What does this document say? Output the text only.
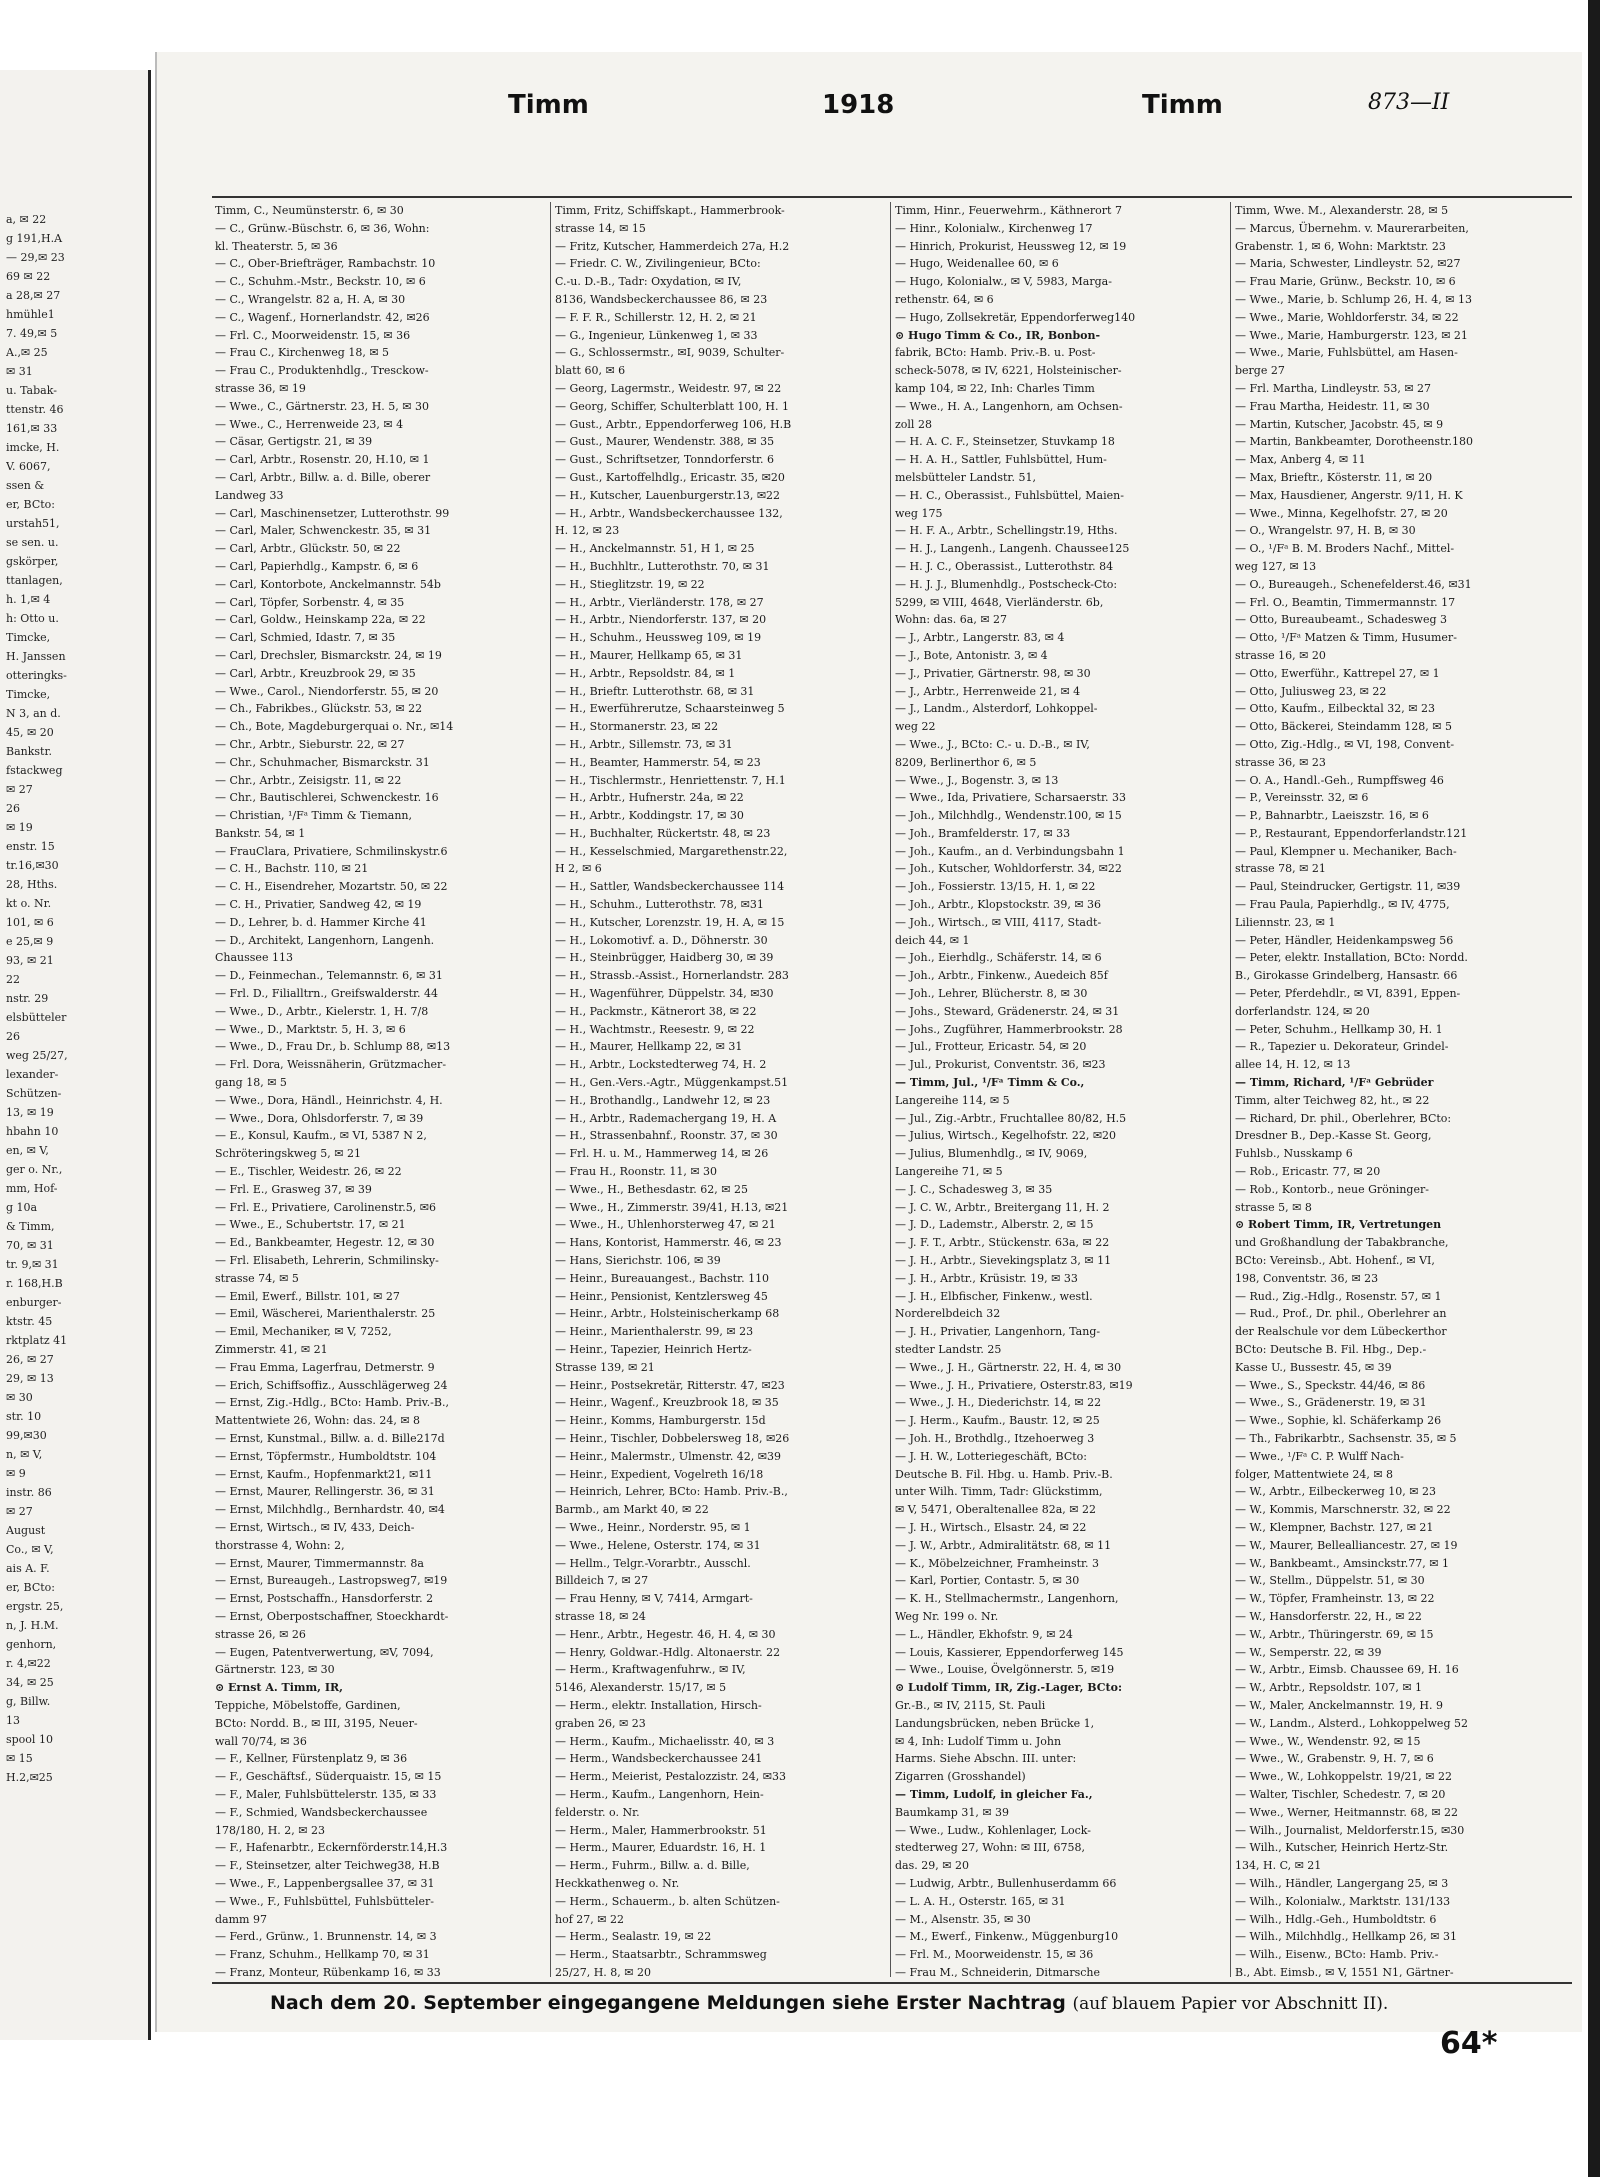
a, ✉ 22
g 191,H.A
— 29,✉ 23
69 ✉ 22
a 28,✉ 27
hmühle1
7. 49,✉ 5
A.,✉ 25
✉ 31
u. Tabak-
ttenstr. 46
161,✉ 33
imcke, H.
V. 6067,
ssen &
er, BCto:
urstah51,
se sen. u.
gskörper,
ttanlagen,
h. 1,✉ 4
h: Otto u.
Timcke,
H. Janssen
otteringks-
Timcke,
N 3, an d.
45, ✉ 20
Bankstr.
fstackweg
✉ 27
26
✉ 19
enstr. 15
tr.16,✉30
28, Hths.
kt o. Nr.
101, ✉ 6
e 25,✉ 9
93, ✉ 21
22
nstr. 29
elsbütteler
26
weg 25/27,
lexander-
Schützen-
13, ✉ 19
hbahn 10
en, ✉ V,
ger o. Nr.,
mm, Hof-
g 10a
& Timm,
70, ✉ 31
tr. 9,✉ 31
r. 168,H.B
enburger-
ktstr. 45
rktplatz 41
26, ✉ 27
29, ✉ 13
✉ 30
str. 10
99,✉30
n, ✉ V,
✉ 9
instr. 86
✉ 27
August
Co., ✉ V,
ais A. F.
er, BCto:
ergstr. 25,
n, J. H.M.
genhorn,
r. 4,✉22
34, ✉ 25
g, Billw.
13
spool 10
✉ 15
H.2,✉25
Timm	1918	Timm	873—II
Timm, C., Neumünsterstr. 6, ✉ 30
— C., Grünw.-Büschstr. 6, ✉ 36, Wohn:
kl. Theaterstr. 5, ✉ 36
— C., Ober-Briefträger, Rambachstr. 10
— C., Schuhm.-Mstr., Beckstr. 10, ✉ 6
— C., Wrangelstr. 82 a, H. A, ✉ 30
— C., Wagenf., Hornerlandstr. 42, ✉26
— Frl. C., Moorweidenstr. 15, ✉ 36
— Frau C., Kirchenweg 18, ✉ 5
— Frau C., Produktenhdlg., Tresckow-
strasse 36, ✉ 19
— Wwe., C., Gärtnerstr. 23, H. 5, ✉ 30
— Wwe., C., Herrenweide 23, ✉ 4
— Cäsar, Gertigstr. 21, ✉ 39
— Carl, Arbtr., Rosenstr. 20, H.10, ✉ 1
— Carl, Arbtr., Billw. a. d. Bille, oberer
Landweg 33
— Carl, Maschinensetzer, Lutterothstr. 99
— Carl, Maler, Schwenckestr. 35, ✉ 31
— Carl, Arbtr., Glückstr. 50, ✉ 22
— Carl, Papierhdlg., Kampstr. 6, ✉ 6
— Carl, Kontorbote, Anckelmannstr. 54b
— Carl, Töpfer, Sorbenstr. 4, ✉ 35
— Carl, Goldw., Heinskamp 22a, ✉ 22
— Carl, Schmied, Idastr. 7, ✉ 35
— Carl, Drechsler, Bismarckstr. 24, ✉ 19
— Carl, Arbtr., Kreuzbrook 29, ✉ 35
— Wwe., Carol., Niendorferstr. 55, ✉ 20
— Ch., Fabrikbes., Glückstr. 53, ✉ 22
— Ch., Bote, Magdeburgerquai o. Nr., ✉14
— Chr., Arbtr., Sieburstr. 22, ✉ 27
— Chr., Schuhmacher, Bismarckstr. 31
— Chr., Arbtr., Zeisigstr. 11, ✉ 22
— Chr., Bautischlerei, Schwenckestr. 16
— Christian, ¹/Fᵃ Timm & Tiemann,
Bankstr. 54, ✉ 1
— FrauClara, Privatiere, Schmilinskystr.6
— C. H., Bachstr. 110, ✉ 21
— C. H., Eisendreher, Mozartstr. 50, ✉ 22
— C. H., Privatier, Sandweg 42, ✉ 19
— D., Lehrer, b. d. Hammer Kirche 41
— D., Architekt, Langenhorn, Langenh.
Chaussee 113
— D., Feinmechan., Telemannstr. 6, ✉ 31
— Frl. D., Filialltrn., Greifswalderstr. 44
— Wwe., D., Arbtr., Kielerstr. 1, H. 7/8
— Wwe., D., Marktstr. 5, H. 3, ✉ 6
— Wwe., D., Frau Dr., b. Schlump 88, ✉13
— Frl. Dora, Weissnäherin, Grützmacher-
gang 18, ✉ 5
— Wwe., Dora, Händl., Heinrichstr. 4, H.
— Wwe., Dora, Ohlsdorferstr. 7, ✉ 39
— E., Konsul, Kaufm., ✉ VI, 5387 N 2,
Schröteringskweg 5, ✉ 21
— E., Tischler, Weidestr. 26, ✉ 22
— Frl. E., Grasweg 37, ✉ 39
— Frl. E., Privatiere, Carolinenstr.5, ✉6
— Wwe., E., Schubertstr. 17, ✉ 21
— Ed., Bankbeamter, Hegestr. 12, ✉ 30
— Frl. Elisabeth, Lehrerin, Schmilinsky-
strasse 74, ✉ 5
— Emil, Ewerf., Billstr. 101, ✉ 27
— Emil, Wäscherei, Marienthalerstr. 25
— Emil, Mechaniker, ✉ V, 7252,
Zimmerstr. 41, ✉ 21
— Frau Emma, Lagerfrau, Detmerstr. 9
— Erich, Schiffsoffiz., Ausschlägerweg 24
— Ernst, Zig.-Hdlg., BCto: Hamb. Priv.-B.,
Mattentwiete 26, Wohn: das. 24, ✉ 8
— Ernst, Kunstmal., Billw. a. d. Bille217d
— Ernst, Töpfermstr., Humboldtstr. 104
— Ernst, Kaufm., Hopfenmarkt21, ✉11
— Ernst, Maurer, Rellingerstr. 36, ✉ 31
— Ernst, Milchhdlg., Bernhardstr. 40, ✉4
— Ernst, Wirtsch., ✉ IV, 433, Deich-
thorstrasse 4, Wohn: 2,
— Ernst, Maurer, Timmermannstr. 8a
— Ernst, Bureaugeh., Lastropsweg7, ✉19
— Ernst, Postschaffn., Hansdorferstr. 2
— Ernst, Oberpostschaffner, Stoeckhardt-
strasse 26, ✉ 26
— Eugen, Patentverwertung, ✉V, 7094,
Gärtnerstr. 123, ✉ 30
⊙ Ernst A. Timm, IR,
Teppiche, Möbelstoffe, Gardinen,
BCto: Nordd. B., ✉ III, 3195, Neuer-
wall 70/74, ✉ 36
— F., Kellner, Fürstenplatz 9, ✉ 36
— F., Geschäftsf., Süderquaistr. 15, ✉ 15
— F., Maler, Fuhlsbüttelerstr. 135, ✉ 33
— F., Schmied, Wandsbeckerchaussee
178/180, H. 2, ✉ 23
— F., Hafenarbtr., Eckernförderstr.14,H.3
— F., Steinsetzer, alter Teichweg38, H.B
— Wwe., F., Lappenbergsallee 37, ✉ 31
— Wwe., F., Fuhlsbüttel, Fuhlsbütteler-
damm 97
— Ferd., Grünw., 1. Brunnenstr. 14, ✉ 3
— Franz, Schuhm., Hellkamp 70, ✉ 31
— Franz, Monteur, Rübenkamp 16, ✉ 33
Timm, Fritz, Schiffskapt., Hammerbrook-
strasse 14, ✉ 15
— Fritz, Kutscher, Hammerdeich 27a, H.2
— Friedr. C. W., Zivilingenieur, BCto:
C.-u. D.-B., Tadr: Oxydation, ✉ IV,
8136, Wandsbeckerchaussee 86, ✉ 23
— F. F. R., Schillerstr. 12, H. 2, ✉ 21
— G., Ingenieur, Lünkenweg 1, ✉ 33
— G., Schlossermstr., ✉I, 9039, Schulter-
blatt 60, ✉ 6
— Georg, Lagermstr., Weidestr. 97, ✉ 22
— Georg, Schiffer, Schulterblatt 100, H. 1
— Gust., Arbtr., Eppendorferweg 106, H.B
— Gust., Maurer, Wendenstr. 388, ✉ 35
— Gust., Schriftsetzer, Tonndorferstr. 6
— Gust., Kartoffelhdlg., Ericastr. 35, ✉20
— H., Kutscher, Lauenburgerstr.13, ✉22
— H., Arbtr., Wandsbeckerchaussee 132,
H. 12, ✉ 23
— H., Anckelmannstr. 51, H 1, ✉ 25
— H., Buchhltr., Lutterothstr. 70, ✉ 31
— H., Stieglitzstr. 19, ✉ 22
— H., Arbtr., Vierländerstr. 178, ✉ 27
— H., Arbtr., Niendorferstr. 137, ✉ 20
— H., Schuhm., Heussweg 109, ✉ 19
— H., Maurer, Hellkamp 65, ✉ 31
— H., Arbtr., Repsoldstr. 84, ✉ 1
— H., Brieftr. Lutterothstr. 68, ✉ 31
— H., Ewerführerutze, Schaarsteinweg 5
— H., Stormanerstr. 23, ✉ 22
— H., Arbtr., Sillemstr. 73, ✉ 31
— H., Beamter, Hammerstr. 54, ✉ 23
— H., Tischlermstr., Henriettenstr. 7, H.1
— H., Arbtr., Hufnerstr. 24a, ✉ 22
— H., Arbtr., Koddingstr. 17, ✉ 30
— H., Buchhalter, Rückertstr. 48, ✉ 23
— H., Kesselschmied, Margarethenstr.22,
H 2, ✉ 6
— H., Sattler, Wandsbeckerchaussee 114
— H., Schuhm., Lutterothstr. 78, ✉31
— H., Kutscher, Lorenzstr. 19, H. A, ✉ 15
— H., Lokomotivf. a. D., Döhnerstr. 30
— H., Steinbrügger, Haidberg 30, ✉ 39
— H., Strassb.-Assist., Hornerlandstr. 283
— H., Wagenführer, Düppelstr. 34, ✉30
— H., Packmstr., Kätnerort 38, ✉ 22
— H., Wachtmstr., Reesestr. 9, ✉ 22
— H., Maurer, Hellkamp 22, ✉ 31
— H., Arbtr., Lockstedterweg 74, H. 2
— H., Gen.-Vers.-Agtr., Müggenkampst.51
— H., Brothandlg., Landwehr 12, ✉ 23
— H., Arbtr., Rademachergang 19, H. A
— H., Strassenbahnf., Roonstr. 37, ✉ 30
— Frl. H. u. M., Hammerweg 14, ✉ 26
— Frau H., Roonstr. 11, ✉ 30
— Wwe., H., Bethesdastr. 62, ✉ 25
— Wwe., H., Zimmerstr. 39/41, H.13, ✉21
— Wwe., H., Uhlenhorsterweg 47, ✉ 21
— Hans, Kontorist, Hammerstr. 46, ✉ 23
— Hans, Sierichstr. 106, ✉ 39
— Heinr., Bureauangest., Bachstr. 110
— Heinr., Pensionist, Kentzlersweg 45
— Heinr., Arbtr., Holsteinischerkamp 68
— Heinr., Marienthalerstr. 99, ✉ 23
— Heinr., Tapezier, Heinrich Hertz-
Strasse 139, ✉ 21
— Heinr., Postsekretär, Ritterstr. 47, ✉23
— Heinr., Wagenf., Kreuzbrook 18, ✉ 35
— Heinr., Komms, Hamburgerstr. 15d
— Heinr., Tischler, Dobbelersweg 18, ✉26
— Heinr., Malermstr., Ulmenstr. 42, ✉39
— Heinr., Expedient, Vogelreth 16/18
— Heinrich, Lehrer, BCto: Hamb. Priv.-B.,
Barmb., am Markt 40, ✉ 22
— Wwe., Heinr., Norderstr. 95, ✉ 1
— Wwe., Helene, Osterstr. 174, ✉ 31
— Hellm., Telgr.-Vorarbtr., Ausschl.
Billdeich 7, ✉ 27
— Frau Henny, ✉ V, 7414, Armgart-
strasse 18, ✉ 24
— Henr., Arbtr., Hegestr. 46, H. 4, ✉ 30
— Henry, Goldwar.-Hdlg. Altonaerstr. 22
— Herm., Kraftwagenfuhrw., ✉ IV,
5146, Alexanderstr. 15/17, ✉ 5
— Herm., elektr. Installation, Hirsch-
graben 26, ✉ 23
— Herm., Kaufm., Michaelisstr. 40, ✉ 3
— Herm., Wandsbeckerchaussee 241
— Herm., Meierist, Pestalozzistr. 24, ✉33
— Herm., Kaufm., Langenhorn, Hein-
felderstr. o. Nr.
— Herm., Maler, Hammerbrookstr. 51
— Herm., Maurer, Eduardstr. 16, H. 1
— Herm., Fuhrm., Billw. a. d. Bille,
Heckkathenweg o. Nr.
— Herm., Schauerm., b. alten Schützen-
hof 27, ✉ 22
— Herm., Sealastr. 19, ✉ 22
— Herm., Staatsarbtr., Schrammsweg
25/27, H. 8, ✉ 20
Timm, Hinr., Feuerwehrm., Käthnerort 7
— Hinr., Kolonialw., Kirchenweg 17
— Hinrich, Prokurist, Heussweg 12, ✉ 19
— Hugo, Weidenallee 60, ✉ 6
— Hugo, Kolonialw., ✉ V, 5983, Marga-
rethenstr. 64, ✉ 6
— Hugo, Zollsekretär, Eppendorferweg140
⊙ Hugo Timm & Co., IR, Bonbon-
fabrik, BCto: Hamb. Priv.-B. u. Post-
scheck-5078, ✉ IV, 6221, Holsteinischer-
kamp 104, ✉ 22, Inh: Charles Timm
— Wwe., H. A., Langenhorn, am Ochsen-
zoll 28
— H. A. C. F., Steinsetzer, Stuvkamp 18
— H. A. H., Sattler, Fuhlsbüttel, Hum-
melsbütteler Landstr. 51,
— H. C., Oberassist., Fuhlsbüttel, Maien-
weg 175
— H. F. A., Arbtr., Schellingstr.19, Hths.
— H. J., Langenh., Langenh. Chaussee125
— H. J. C., Oberassist., Lutterothstr. 84
— H. J. J., Blumenhdlg., Postscheck-Cto:
5299, ✉ VIII, 4648, Vierländerstr. 6b,
Wohn: das. 6a, ✉ 27
— J., Arbtr., Langerstr. 83, ✉ 4
— J., Bote, Antonistr. 3, ✉ 4
— J., Privatier, Gärtnerstr. 98, ✉ 30
— J., Arbtr., Herrenweide 21, ✉ 4
— J., Landm., Alsterdorf, Lohkoppel-
weg 22
— Wwe., J., BCto: C.- u. D.-B., ✉ IV,
8209, Berlinerthor 6, ✉ 5
— Wwe., J., Bogenstr. 3, ✉ 13
— Wwe., Ida, Privatiere, Scharsaerstr. 33
— Joh., Milchhdlg., Wendenstr.100, ✉ 15
— Joh., Bramfelderstr. 17, ✉ 33
— Joh., Kaufm., an d. Verbindungsbahn 1
— Joh., Kutscher, Wohldorferstr. 34, ✉22
— Joh., Fossierstr. 13/15, H. 1, ✉ 22
— Joh., Arbtr., Klopstockstr. 39, ✉ 36
— Joh., Wirtsch., ✉ VIII, 4117, Stadt-
deich 44, ✉ 1
— Joh., Eierhdlg., Schäferstr. 14, ✉ 6
— Joh., Arbtr., Finkenw., Auedeich 85f
— Joh., Lehrer, Blücherstr. 8, ✉ 30
— Johs., Steward, Grädenerstr. 24, ✉ 31
— Johs., Zugführer, Hammerbrookstr. 28
— Jul., Frotteur, Ericastr. 54, ✉ 20
— Jul., Prokurist, Conventstr. 36, ✉23
— Timm, Jul., ¹/Fᵃ Timm & Co.,
Langereihe 114, ✉ 5
— Jul., Zig.-Arbtr., Fruchtallee 80/82, H.5
— Julius, Wirtsch., Kegelhofstr. 22, ✉20
— Julius, Blumenhdlg., ✉ IV, 9069,
Langereihe 71, ✉ 5
— J. C., Schadesweg 3, ✉ 35
— J. C. W., Arbtr., Breitergang 11, H. 2
— J. D., Lademstr., Alberstr. 2, ✉ 15
— J. F. T., Arbtr., Stückenstr. 63a, ✉ 22
— J. H., Arbtr., Sievekingsplatz 3, ✉ 11
— J. H., Arbtr., Krüsistr. 19, ✉ 33
— J. H., Elbfischer, Finkenw., westl.
Norderelbdeich 32
— J. H., Privatier, Langenhorn, Tang-
stedter Landstr. 25
— Wwe., J. H., Gärtnerstr. 22, H. 4, ✉ 30
— Wwe., J. H., Privatiere, Osterstr.83, ✉19
— Wwe., J. H., Diederichstr. 14, ✉ 22
— J. Herm., Kaufm., Baustr. 12, ✉ 25
— Joh. H., Brothdlg., Itzehoerweg 3
— J. H. W., Lotteriegeschäft, BCto:
Deutsche B. Fil. Hbg. u. Hamb. Priv.-B.
unter Wilh. Timm, Tadr: Glückstimm,
✉ V, 5471, Oberaltenallee 82a, ✉ 22
— J. H., Wirtsch., Elsastr. 24, ✉ 22
— J. W., Arbtr., Admiralitätstr. 68, ✉ 11
— K., Möbelzeichner, Framheinstr. 3
— Karl, Portier, Contastr. 5, ✉ 30
— K. H., Stellmachermstr., Langenhorn,
Weg Nr. 199 o. Nr.
— L., Händler, Ekhofstr. 9, ✉ 24
— Louis, Kassierer, Eppendorferweg 145
— Wwe., Louise, Övelgönnerstr. 5, ✉19
⊙ Ludolf Timm, IR, Zig.-Lager, BCto:
Gr.-B., ✉ IV, 2115, St. Pauli
Landungsbrücken, neben Brücke 1,
✉ 4, Inh: Ludolf Timm u. John
Harms. Siehe Abschn. III. unter:
Zigarren (Grosshandel)
— Timm, Ludolf, in gleicher Fa.,
Baumkamp 31, ✉ 39
— Wwe., Ludw., Kohlenlager, Lock-
stedterweg 27, Wohn: ✉ III, 6758,
das. 29, ✉ 20
— Ludwig, Arbtr., Bullenhuserdamm 66
— L. A. H., Osterstr. 165, ✉ 31
— M., Alsenstr. 35, ✉ 30
— M., Ewerf., Finkenw., Müggenburg10
— Frl. M., Moorweidenstr. 15, ✉ 36
— Frau M., Schneiderin, Ditmarsche
Timm, Wwe. M., Alexanderstr. 28, ✉ 5
— Marcus, Übernehm. v. Maurerarbeiten,
Grabenstr. 1, ✉ 6, Wohn: Marktstr. 23
— Maria, Schwester, Lindleystr. 52, ✉27
— Frau Marie, Grünw., Beckstr. 10, ✉ 6
— Wwe., Marie, b. Schlump 26, H. 4, ✉ 13
— Wwe., Marie, Wohldorferstr. 34, ✉ 22
— Wwe., Marie, Hamburgerstr. 123, ✉ 21
— Wwe., Marie, Fuhlsbüttel, am Hasen-
berge 27
— Frl. Martha, Lindleystr. 53, ✉ 27
— Frau Martha, Heidestr. 11, ✉ 30
— Martin, Kutscher, Jacobstr. 45, ✉ 9
— Martin, Bankbeamter, Dorotheenstr.180
— Max, Anberg 4, ✉ 11
— Max, Brieftr., Kösterstr. 11, ✉ 20
— Max, Hausdiener, Angerstr. 9/11, H. K
— Wwe., Minna, Kegelhofstr. 27, ✉ 20
— O., Wrangelstr. 97, H. B, ✉ 30
— O., ¹/Fᵃ B. M. Broders Nachf., Mittel-
weg 127, ✉ 13
— O., Bureaugeh., Schenefelderst.46, ✉31
— Frl. O., Beamtin, Timmermannstr. 17
— Otto, Bureaubeamt., Schadesweg 3
— Otto, ¹/Fᵃ Matzen & Timm, Husumer-
strasse 16, ✉ 20
— Otto, Ewerführ., Kattrepel 27, ✉ 1
— Otto, Juliusweg 23, ✉ 22
— Otto, Kaufm., Eilbecktal 32, ✉ 23
— Otto, Bäckerei, Steindamm 128, ✉ 5
— Otto, Zig.-Hdlg., ✉ VI, 198, Convent-
strasse 36, ✉ 23
— O. A., Handl.-Geh., Rumpffsweg 46
— P., Vereinsstr. 32, ✉ 6
— P., Bahnarbtr., Laeiszstr. 16, ✉ 6
— P., Restaurant, Eppendorferlandstr.121
— Paul, Klempner u. Mechaniker, Bach-
strasse 78, ✉ 21
— Paul, Steindrucker, Gertigstr. 11, ✉39
— Frau Paula, Papierhdlg., ✉ IV, 4775,
Liliennstr. 23, ✉ 1
— Peter, Händler, Heidenkampsweg 56
— Peter, elektr. Installation, BCto: Nordd.
B., Girokasse Grindelberg, Hansastr. 66
— Peter, Pferdehdlr., ✉ VI, 8391, Eppen-
dorferlandstr. 124, ✉ 20
— Peter, Schuhm., Hellkamp 30, H. 1
— R., Tapezier u. Dekorateur, Grindel-
allee 14, H. 12, ✉ 13
— Timm, Richard, ¹/Fᵃ Gebrüder
Timm, alter Teichweg 82, ht., ✉ 22
— Richard, Dr. phil., Oberlehrer, BCto:
Dresdner B., Dep.-Kasse St. Georg,
Fuhlsb., Nusskamp 6
— Rob., Ericastr. 77, ✉ 20
— Rob., Kontorb., neue Gröninger-
strasse 5, ✉ 8
⊙ Robert Timm, IR, Vertretungen
und Großhandlung der Tabakbranche,
BCto: Vereinsb., Abt. Hohenf., ✉ VI,
198, Conventstr. 36, ✉ 23
— Rud., Zig.-Hdlg., Rosenstr. 57, ✉ 1
— Rud., Prof., Dr. phil., Oberlehrer an
der Realschule vor dem Lübeckerthor
BCto: Deutsche B. Fil. Hbg., Dep.-
Kasse U., Bussestr. 45, ✉ 39
— Wwe., S., Speckstr. 44/46, ✉ 86
— Wwe., S., Grädenerstr. 19, ✉ 31
— Wwe., Sophie, kl. Schäferkamp 26
— Th., Fabrikarbtr., Sachsenstr. 35, ✉ 5
— Wwe., ¹/Fᵃ C. P. Wulff Nach-
folger, Mattentwiete 24, ✉ 8
— W., Arbtr., Eilbeckerweg 10, ✉ 23
— W., Kommis, Marschnerstr. 32, ✉ 22
— W., Klempner, Bachstr. 127, ✉ 21
— W., Maurer, Bellealliancestr. 27, ✉ 19
— W., Bankbeamt., Amsinckstr.77, ✉ 1
— W., Stellm., Düppelstr. 51, ✉ 30
— W., Töpfer, Framheinstr. 13, ✉ 22
— W., Hansdorferstr. 22, H., ✉ 22
— W., Arbtr., Thüringerstr. 69, ✉ 15
— W., Semperstr. 22, ✉ 39
— W., Arbtr., Eimsb. Chaussee 69, H. 16
— W., Arbtr., Repsoldstr. 107, ✉ 1
— W., Maler, Anckelmannstr. 19, H. 9
— W., Landm., Alsterd., Lohkoppelweg 52
— Wwe., W., Wendenstr. 92, ✉ 15
— Wwe., W., Grabenstr. 9, H. 7, ✉ 6
— Wwe., W., Lohkoppelstr. 19/21, ✉ 22
— Walter, Tischler, Schedestr. 7, ✉ 20
— Wwe., Werner, Heitmannstr. 68, ✉ 22
— Wilh., Journalist, Meldorferstr.15, ✉30
— Wilh., Kutscher, Heinrich Hertz-Str.
134, H. C, ✉ 21
— Wilh., Händler, Langergang 25, ✉ 3
— Wilh., Kolonialw., Marktstr. 131/133
— Wilh., Hdlg.-Geh., Humboldtstr. 6
— Wilh., Milchhdlg., Hellkamp 26, ✉ 31
— Wilh., Eisenw., BCto: Hamb. Priv.-
B., Abt. Eimsb., ✉ V, 1551 N1, Gärtner-
Nach dem 20. September eingegangene Meldungen siehe Erster Nachtrag (auf blauem Papier vor Abschnitt II).
64*
